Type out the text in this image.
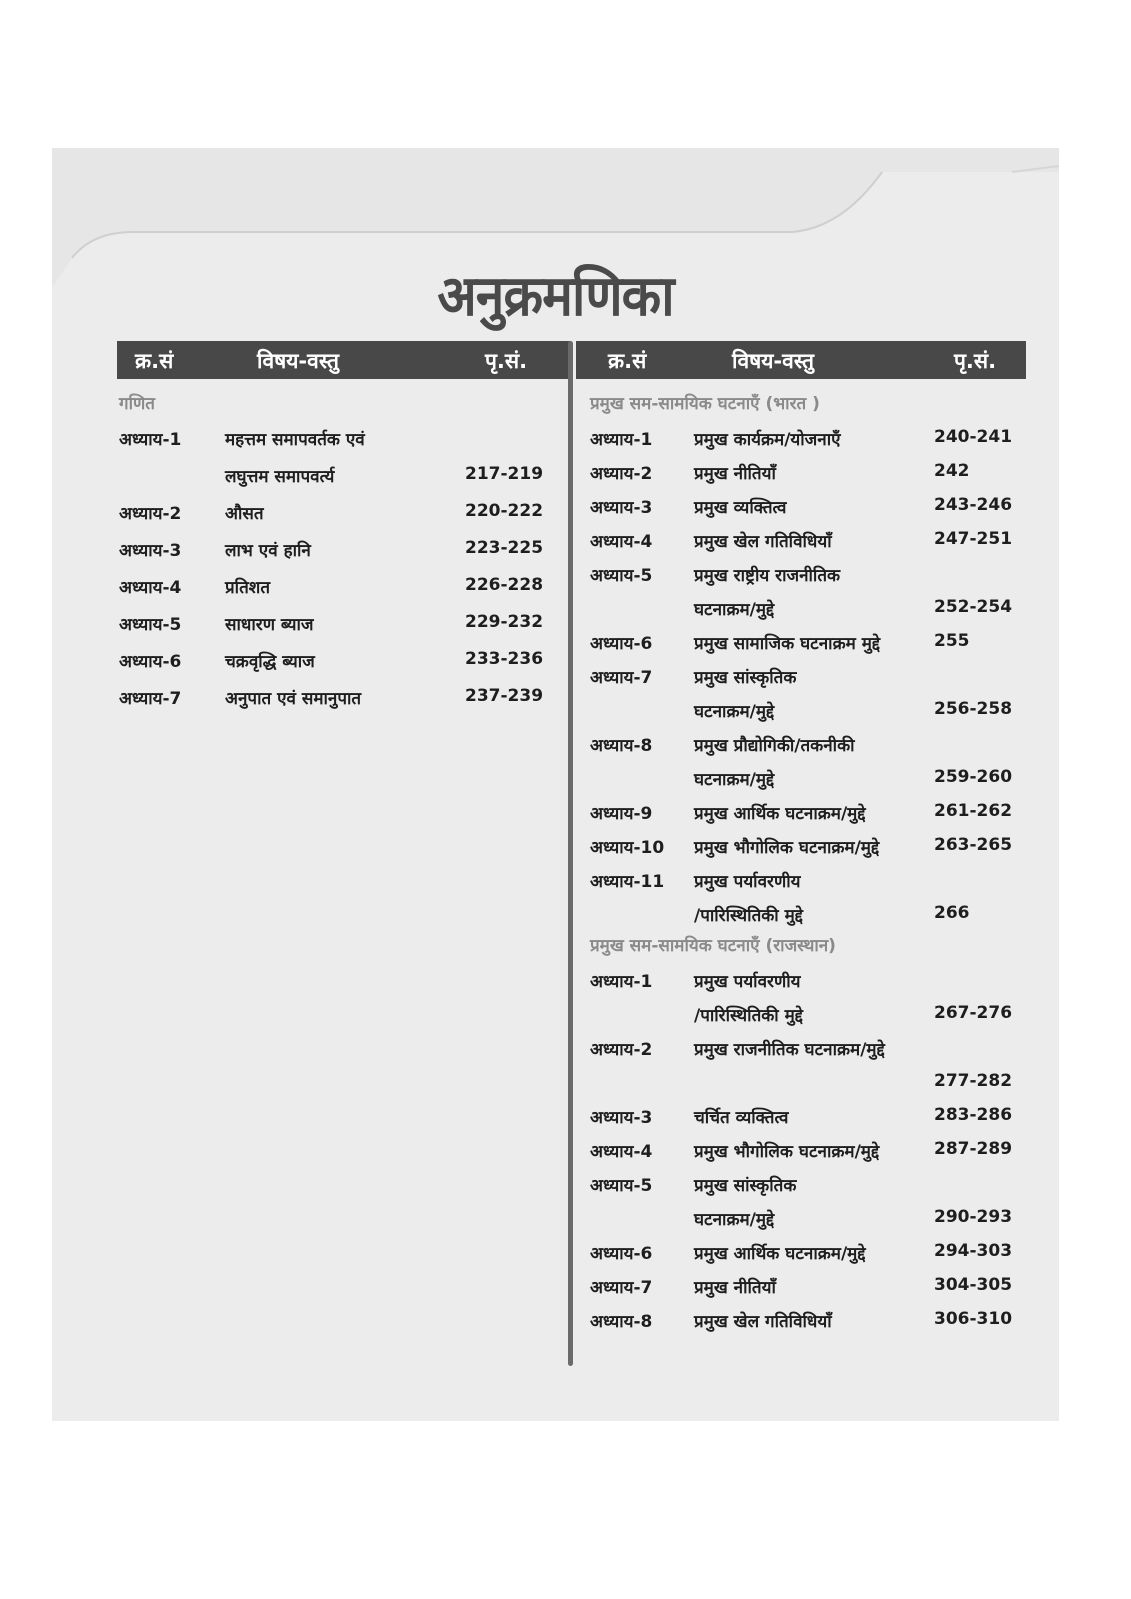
अनुक्रमणिका
क्र.सं	विषय-वस्तु	पृ.सं.
गणित
अध्याय-1	महत्तम समापवर्तक एवं
लघुत्तम समापवर्त्य	217-219
अध्याय-2	औसत	220-222
अध्याय-3	लाभ एवं हानि	223-225
अध्याय-4	प्रतिशत	226-228
अध्याय-5	साधारण ब्याज	229-232
अध्याय-6	चक्रवृद्धि ब्याज	233-236
अध्याय-7	अनुपात एवं समानुपात	237-239
क्र.सं	विषय-वस्तु	पृ.सं.
प्रमुख सम-सामयिक घटनाएँ (भारत )
अध्याय-1 प्रमुख कार्यक्रम/योजनाएँ	240-241
अध्याय-2 प्रमुख नीतियाँ	242
अध्याय-3 प्रमुख व्यक्तित्व	243-246
अध्याय-4 प्रमुख खेल गतिविधियाँ	247-251
अध्याय-5 प्रमुख राष्ट्रीय राजनीतिक
घटनाक्रम/मुद्दे	252-254
अध्याय-6 प्रमुख सामाजिक घटनाक्रम मुद्दे	255
अध्याय-7 प्रमुख सांस्कृतिक
घटनाक्रम/मुद्दे	256-258
अध्याय-8 प्रमुख प्रौद्योगिकी/तकनीकी
घटनाक्रम/मुद्दे	259-260
अध्याय-9 प्रमुख आर्थिक घटनाक्रम/मुद्दे	261-262
अध्याय-10 प्रमुख भौगोलिक घटनाक्रम/मुद्दे	263-265
अध्याय-11 प्रमुख पर्यावरणीय
/पारिस्थितिकी मुद्दे	266
प्रमुख सम-सामयिक घटनाएँ (राजस्थान)
अध्याय-1 प्रमुख पर्यावरणीय
/पारिस्थितिकी मुद्दे	267-276
अध्याय-2 प्रमुख राजनीतिक घटनाक्रम/मुद्दे
277-282
अध्याय-3 चर्चित व्यक्तित्व	283-286
अध्याय-4 प्रमुख भौगोलिक घटनाक्रम/मुद्दे	287-289
अध्याय-5 प्रमुख सांस्कृतिक
घटनाक्रम/मुद्दे	290-293
अध्याय-6 प्रमुख आर्थिक घटनाक्रम/मुद्दे	294-303
अध्याय-7 प्रमुख नीतियाँ	304-305
अध्याय-8 प्रमुख खेल गतिविधियाँ	306-310
